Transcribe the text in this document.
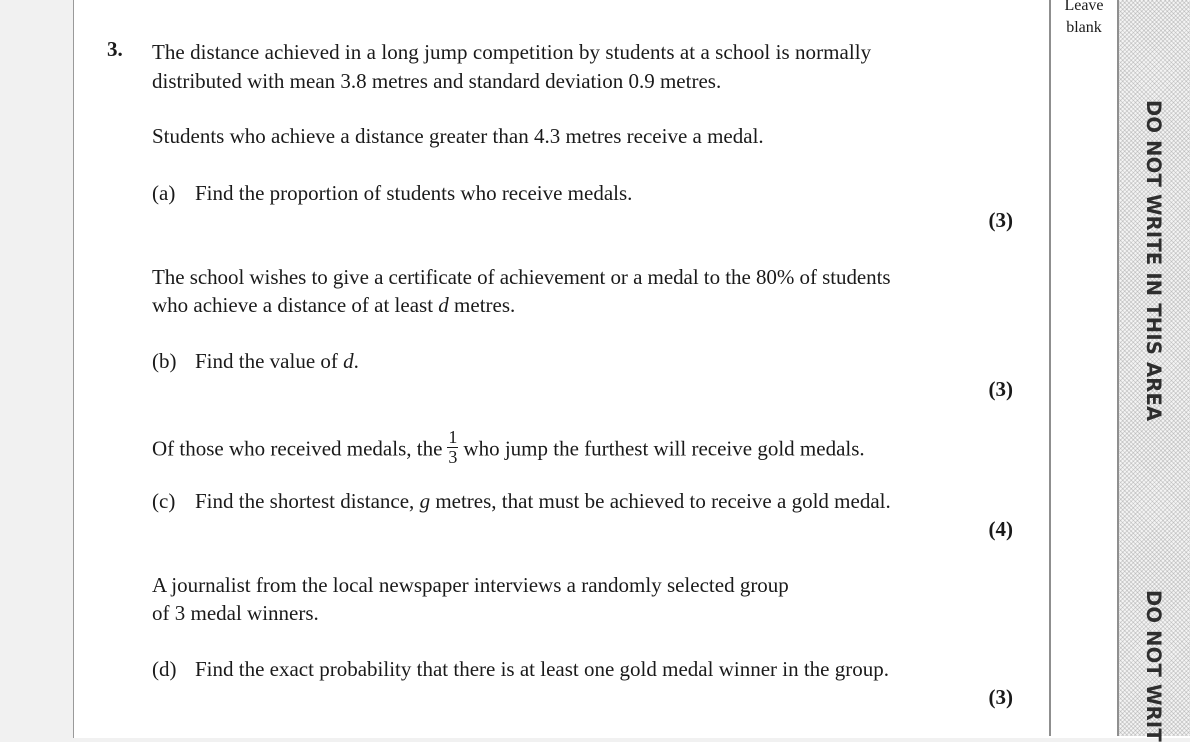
Leave
blank
DO NOT WRITE IN THIS AREA
DO NOT WRIT
3. The distance achieved in a long jump competition by students at a school is normally
distributed with mean 3.8 metres and standard deviation 0.9 metres.
Students who achieve a distance greater than 4.3 metres receive a medal.
(a) Find the proportion of students who receive medals.
(3)
The school wishes to give a certificate of achievement or a medal to the 80% of students
who achieve a distance of at least d metres.
(b) Find the value of d.
(3)
Of those who received medals, the $\frac{1}{3}$ who jump the furthest will receive gold medals.
(c) Find the shortest distance, g metres, that must be achieved to receive a gold medal.
(4)
A journalist from the local newspaper interviews a randomly selected group
of 3 medal winners.
(d) Find the exact probability that there is at least one gold medal winner in the group.
(3)
